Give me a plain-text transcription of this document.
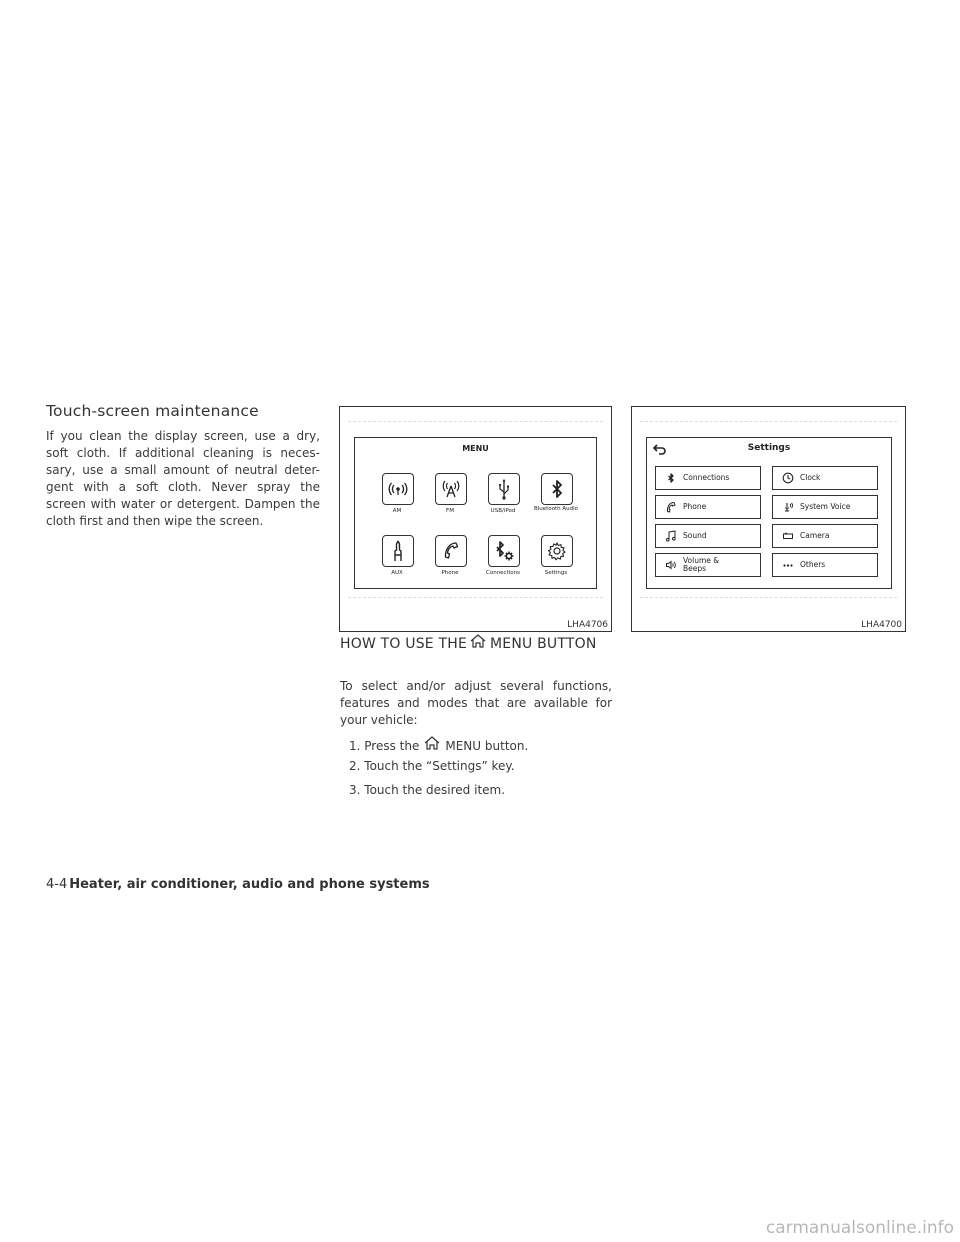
Touch-screen maintenance
If you clean the display screen, use a dry, soft cloth. If additional cleaning is neces-sary, use a small amount of neutral deter-gent with a soft cloth. Never spray the screen with water or detergent. Dampen the cloth first and then wipe the screen.
MENU
AM	FM	USB/iPod	Bluetooth Audio
AUX	Phone	Connections	Settings
LHA4706
Settings
Connections	Clock
Phone	System Voice
Sound	Camera
Volume & Beeps	Others
LHA4700
HOW TO USE THE MENU BUTTON
To select and/or adjust several functions, features and modes that are available for your vehicle:
1. Press the MENU button.
2. Touch the “Settings” key.
3. Touch the desired item.
4-4 Heater, air conditioner, audio and phone systems
carmanualsonline.info
